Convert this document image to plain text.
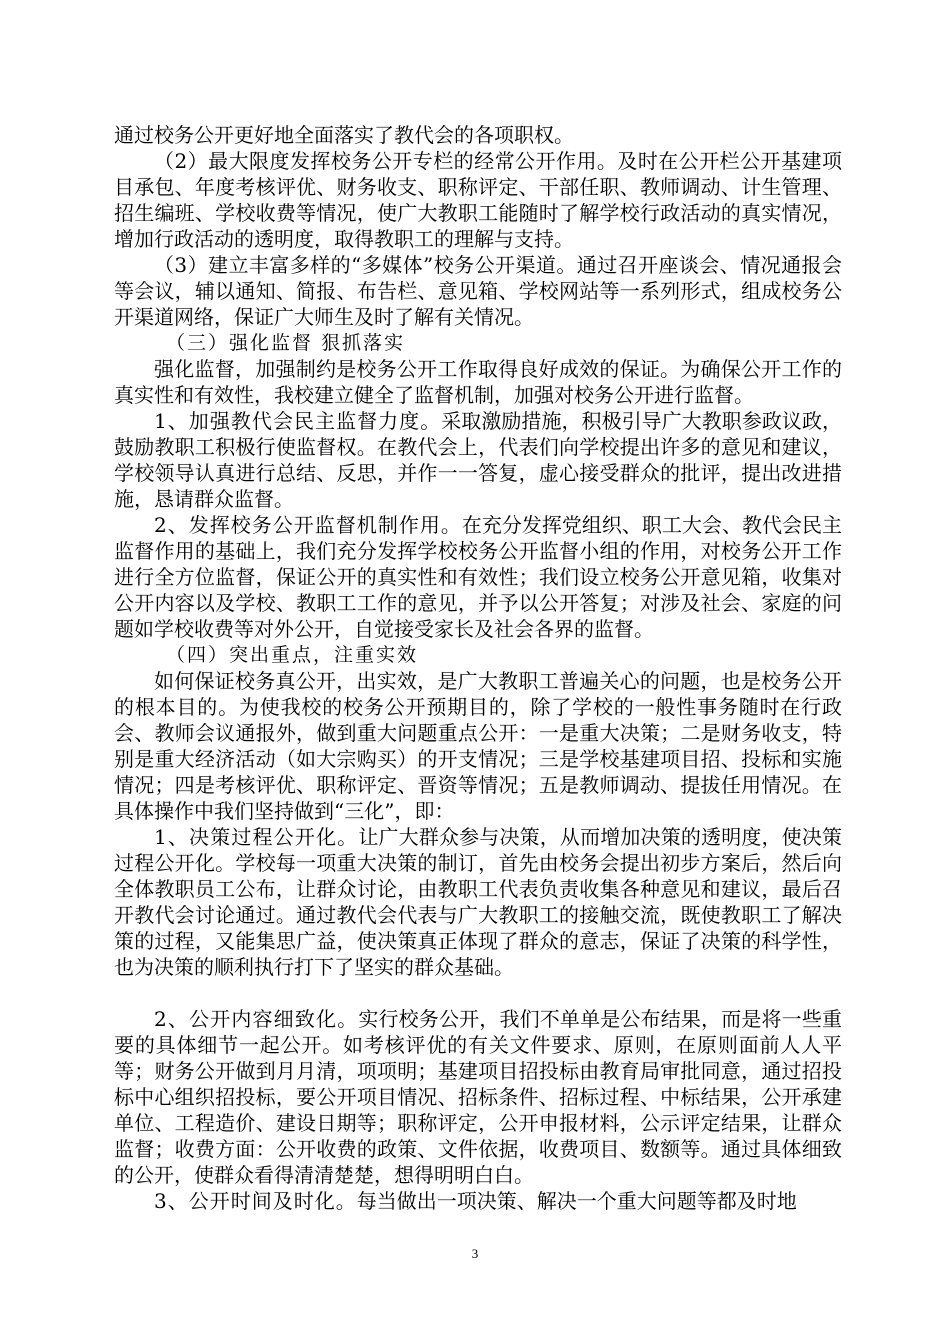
通过校务公开更好地全面落实了教代会的各项职权。

（2）最大限度发挥校务公开专栏的经常公开作用。及时在公开栏公开基建项目承包、年度考核评优、财务收支、职称评定、干部任职、教师调动、计生管理、招生编班、学校收费等情况，使广大教职工能随时了解学校行政活动的真实情况，增加行政活动的透明度，取得教职工的理解与支持。

（3）建立丰富多样的“多媒体”校务公开渠道。通过召开座谈会、情况通报会等会议，辅以通知、简报、布告栏、意见箱、学校网站等一系列形式，组成校务公开渠道网络，保证广大师生及时了解有关情况。

（三）强化监督 狠抓落实

强化监督，加强制约是校务公开工作取得良好成效的保证。为确保公开工作的真实性和有效性，我校建立健全了监督机制，加强对校务公开进行监督。

1、加强教代会民主监督力度。采取激励措施，积极引导广大教职参政议政，鼓励教职工积极行使监督权。在教代会上，代表们向学校提出许多的意见和建议，学校领导认真进行总结、反思，并作一一答复，虚心接受群众的批评，提出改进措施，恳请群众监督。

2、发挥校务公开监督机制作用。在充分发挥党组织、职工大会、教代会民主监督作用的基础上，我们充分发挥学校校务公开监督小组的作用，对校务公开工作进行全方位监督，保证公开的真实性和有效性；我们设立校务公开意见箱，收集对公开内容以及学校、教职工工作的意见，并予以公开答复；对涉及社会、家庭的问题如学校收费等对外公开，自觉接受家长及社会各界的监督。

（四）突出重点，注重实效

如何保证校务真公开，出实效，是广大教职工普遍关心的问题，也是校务公开的根本目的。为使我校的校务公开预期目的，除了学校的一般性事务随时在行政会、教师会议通报外，做到重大问题重点公开：一是重大决策；二是财务收支，特别是重大经济活动（如大宗购买）的开支情况；三是学校基建项目招、投标和实施情况；四是考核评优、职称评定、晋资等情况；五是教师调动、提拔任用情况。在具体操作中我们坚持做到“三化”，即：

1、决策过程公开化。让广大群众参与决策，从而增加决策的透明度，使决策过程公开化。学校每一项重大决策的制订，首先由校务会提出初步方案后，然后向全体教职员工公布，让群众讨论，由教职工代表负责收集各种意见和建议，最后召开教代会讨论通过。通过教代会代表与广大教职工的接触交流，既使教职工了解决策的过程，又能集思广益，使决策真正体现了群众的意志，保证了决策的科学性，也为决策的顺利执行打下了坚实的群众基础。

2、公开内容细致化。实行校务公开，我们不单单是公布结果，而是将一些重要的具体细节一起公开。如考核评优的有关文件要求、原则，在原则面前人人平等；财务公开做到月月清，项项明；基建项目招投标由教育局审批同意，通过招投标中心组织招投标，要公开项目情况、招标条件、招标过程、中标结果，公开承建单位、工程造价、建设日期等；职称评定，公开申报材料，公示评定结果，让群众监督；收费方面：公开收费的政策、文件依据，收费项目、数额等。通过具体细致的公开，使群众看得清清楚楚，想得明明白白。

3、公开时间及时化。每当做出一项决策、解决一个重大问题等都及时地

3
